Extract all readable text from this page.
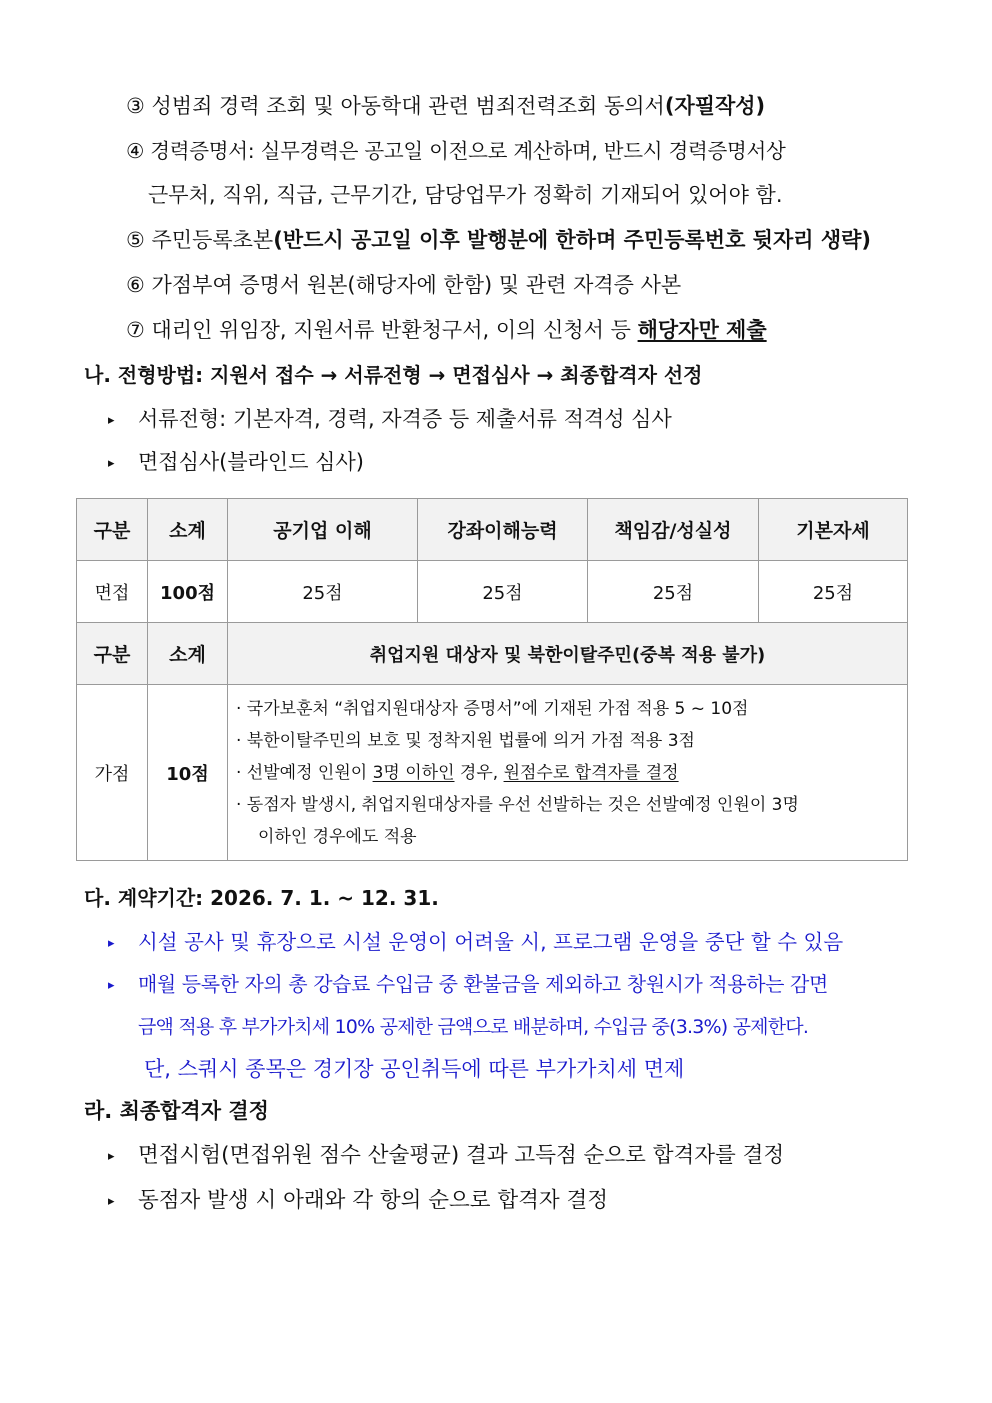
③ 성범죄 경력 조회 및 아동학대 관련 범죄전력조회 동의서(자필작성)
④ 경력증명서: 실무경력은 공고일 이전으로 계산하며, 반드시 경력증명서상
근무처, 직위, 직급, 근무기간, 담당업무가 정확히 기재되어 있어야 함.
⑤ 주민등록초본(반드시 공고일 이후 발행분에 한하며 주민등록번호 뒷자리 생략)
⑥ 가점부여 증명서 원본(해당자에 한함) 및 관련 자격증 사본
⑦ 대리인 위임장, 지원서류 반환청구서, 이의 신청서 등 해당자만 제출
나. 전형방법: 지원서 접수 → 서류전형 → 면접심사 → 최종합격자 선정
▸ 서류전형: 기본자격, 경력, 자격증 등 제출서류 적격성 심사
▸ 면접심사(블라인드 심사)
구분	소계	공기업 이해	강좌이해능력	책임감/성실성	기본자세
면접	100점	25점	25점	25점	25점
구분	소계	취업지원 대상자 및 북한이탈주민(중복 적용 불가)			
가점	10점	· 국가보훈처 “취업지원대상자 증명서”에 기재된 가점 적용 5 ~ 10점
· 북한이탈주민의 보호 및 정착지원 법률에 의거 가점 적용 3점
· 선발예정 인원이 3명 이하인 경우, 원점수로 합격자를 결정
· 동점자 발생시, 취업지원대상자를 우선 선발하는 것은 선발예정 인원이 3명
이하인 경우에도 적용			
다. 계약기간: 2026. 7. 1. ~ 12. 31.
▸ 시설 공사 및 휴장으로 시설 운영이 어려울 시, 프로그램 운영을 중단 할 수 있음
▸ 매월 등록한 자의 총 강습료 수입금 중 환불금을 제외하고 창원시가 적용하는 감면
금액 적용 후 부가가치세 10% 공제한 금액으로 배분하며, 수입금 중(3.3%) 공제한다.
단, 스쿼시 종목은 경기장 공인취득에 따른 부가가치세 면제
라. 최종합격자 결정
▸ 면접시험(면접위원 점수 산술평균) 결과 고득점 순으로 합격자를 결정
▸ 동점자 발생 시 아래와 각 항의 순으로 합격자 결정
